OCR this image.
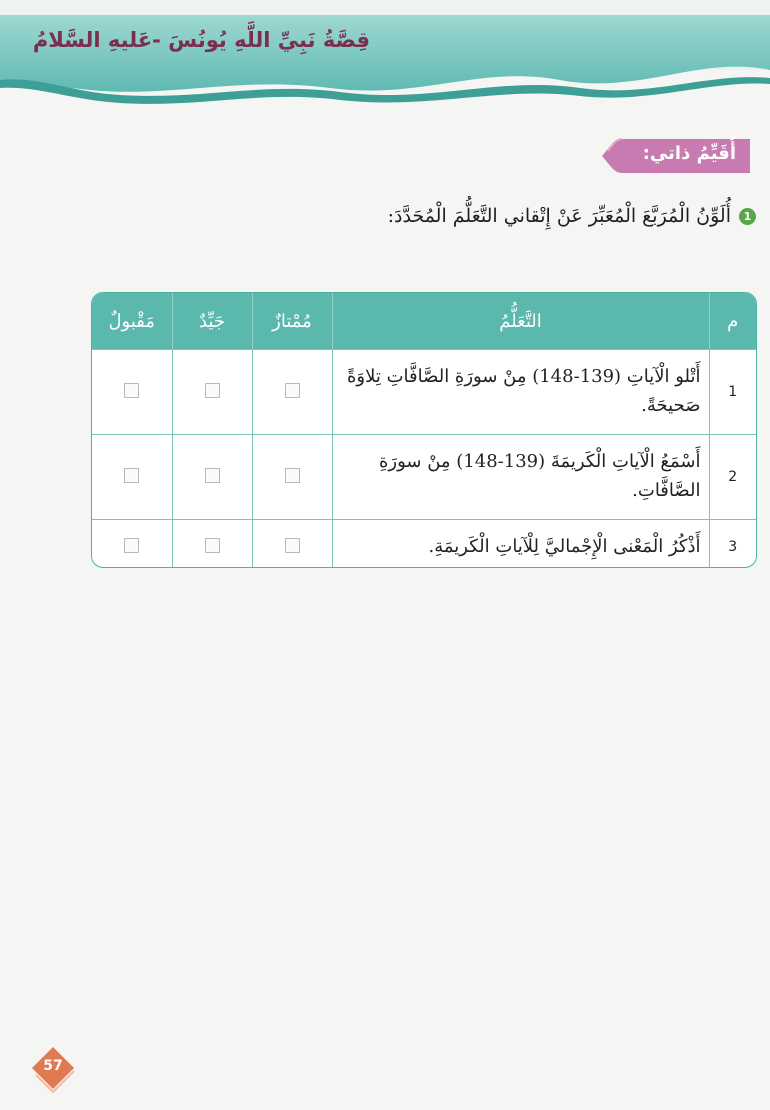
قِصَّةُ نَبِيِّ اللَّهِ يُونُسَ -عَليهِ السَّلامُ
أُقَيِّمُ ذاتي:
1
أُلَوِّنُ الْمُرَبَّعَ الْمُعَبِّرَ عَنْ إِتْقاني التَّعَلُّمَ الْمُحَدَّدَ:
م	التَّعَلُّمُ	مُمْتازٌ	جَيِّدٌ	مَقْبولٌ
1	أَتْلو الْآياتِ (139-148) مِنْ سورَةِ الصَّافَّاتِ تِلاوَةً صَحيحَةً.			
2	أَسْمَعُ الْآياتِ الْكَريمَةَ (139-148) مِنْ سورَةِ الصَّافَّاتِ.			
3	أَذْكُرُ الْمَعْنى الْإِجْماليَّ لِلْآياتِ الْكَريمَةِ.			
57
